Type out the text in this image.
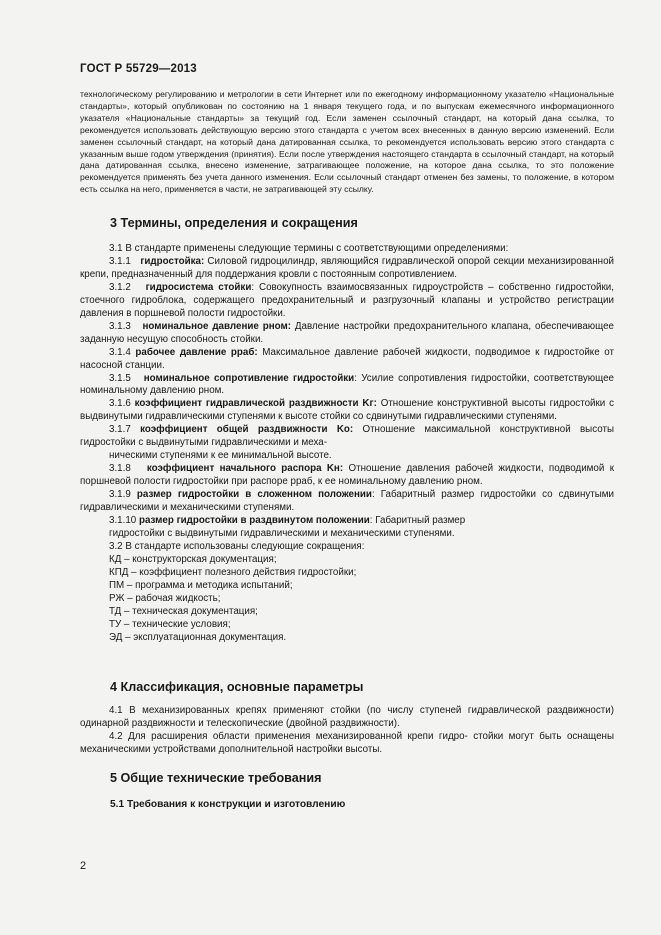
ГОСТ Р 55729—2013

технологическому регулированию и метрологии в сети Интернет или по ежегодному информационному указателю «Национальные стандарты», который опубликован по состоянию на 1 января текущего года, и по выпускам ежемесячного информационного указателя «Национальные стандарты» за текущий год. Если заменен ссылочный стандарт, на который дана ссылка, то рекомендуется использовать действующую версию этого стандарта с учетом всех внесенных в данную версию изменений. Если заменен ссылочный стандарт, на который дана датированная ссылка, то рекомендуется использовать версию этого стандарта с указанным выше годом утверждения (принятия). Если после утверждения настоящего стандарта в ссылочный стандарт, на который дана датированная ссылка, внесено изменение, затрагивающее положение, на которое дана ссылка, то это положение рекомендуется применять без учета данного изменения. Если ссылочный стандарт отменен без замены, то положение, в котором есть ссылка на него, применяется в части, не затрагивающей эту ссылку.

3 Термины, определения и сокращения

3.1 В стандарте применены следующие термины с соответствующими определениями:

3.1.1 гидростойка: Силовой гидроцилиндр, являющийся гидравлической опорой секции механизированной крепи, предназначенный для поддержания кровли с постоянным сопротивлением.

3.1.2 гидросистема стойки: Совокупность взаимосвязанных гидроустройств – собственно гидростойки, стоечного гидроблока, содержащего предохранительный и разгрузочный клапаны и устройство регистрации давления в поршневой полости гидростойки.

3.1.3 номинальное давление pном: Давление настройки предохранительного клапана, обеспечивающее заданную несущую способность стойки.

3.1.4 рабочее давление pраб: Максимальное давление рабочей жидкости, подводимое к гидростойке от насосной станции.

3.1.5 номинальное сопротивление гидростойки: Усилие сопротивления гидростойки, соответствующее номинальному давлению pном.

3.1.6 коэффициент гидравлической раздвижности Kг: Отношение конструктивной высоты гидростойки с выдвинутыми гидравлическими ступенями к высоте стойки со сдвинутыми гидравлическими ступенями.

3.1.7 коэффициент общей раздвижности Kо: Отношение максимальной конструктивной высоты гидростойки с выдвинутыми гидравлическими и меха-

ническими ступенями к ее минимальной высоте.

3.1.8 коэффициент начального распора Kн: Отношение давления рабочей жидкости, подводимой к поршневой полости гидростойки при распоре pраб, к ее номинальному давлению pном.

3.1.9 размер гидростойки в сложенном положении: Габаритный размер гидростойки со сдвинутыми гидравлическими и механическими ступенями.

3.1.10 размер гидростойки в раздвинутом положении: Габаритный размер

гидростойки с выдвинутыми гидравлическими и механическими ступенями.

3.2 В стандарте использованы следующие сокращения:

КД – конструкторская документация;

КПД – коэффициент полезного действия гидростойки;

ПМ – программа и методика испытаний;

РЖ – рабочая жидкость;

ТД – техническая документация;

ТУ – технические условия;

ЭД – эксплуатационная документация.

4 Классификация, основные параметры

4.1 В механизированных крепях применяют стойки (по числу ступеней гидравлической раздвижности) одинарной раздвижности и телескопические (двойной раздвижности).

4.2 Для расширения области применения механизированной крепи гидро- стойки могут быть оснащены механическими устройствами дополнительной настройки высоты.

5 Общие технические требования
5.1 Требования к конструкции и изготовлению
2
